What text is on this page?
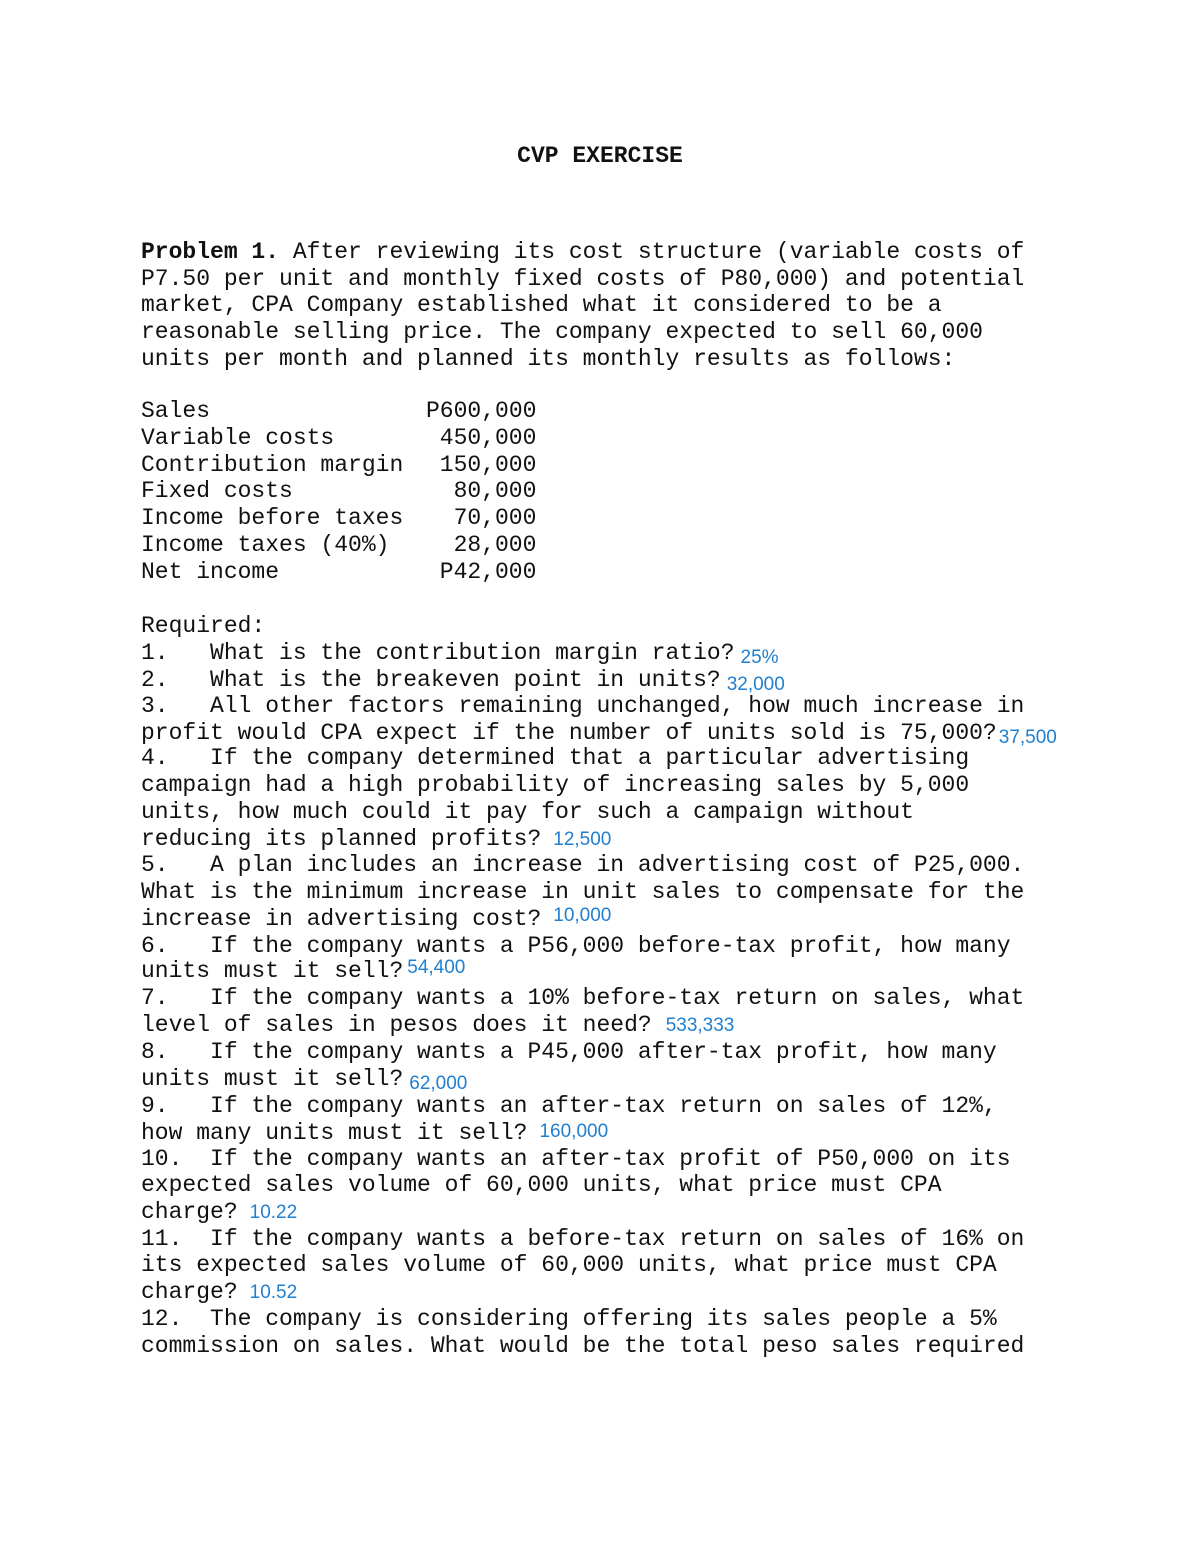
CVP EXERCISE
Problem 1. After reviewing its cost structure (variable costs of
P7.50 per unit and monthly fixed costs of P80,000) and potential
market, CPA Company established what it considered to be a
reasonable selling price. The company expected to sell 60,000
units per month and planned its monthly results as follows:
Sales	P600,000
Variable costs	450,000
Contribution margin	150,000
Fixed costs	80,000
Income before taxes	70,000
Income taxes (40%)	28,000
Net income	P42,000
Required:
1.   What is the contribution margin ratio? 25%
2.   What is the breakeven point in units? 32,000
3.   All other factors remaining unchanged, how much increase in
profit would CPA expect if the number of units sold is 75,000? 37,500
4.   If the company determined that a particular advertising
campaign had a high probability of increasing sales by 5,000
units, how much could it pay for such a campaign without
reducing its planned profits? 12,500
5.   A plan includes an increase in advertising cost of P25,000.
What is the minimum increase in unit sales to compensate for the
increase in advertising cost? 10,000
6.   If the company wants a P56,000 before-tax profit, how many
units must it sell? 54,400
7.   If the company wants a 10% before-tax return on sales, what
level of sales in pesos does it need? 533,333
8.   If the company wants a P45,000 after-tax profit, how many
units must it sell? 62,000
9.   If the company wants an after-tax return on sales of 12%,
how many units must it sell? 160,000
10.  If the company wants an after-tax profit of P50,000 on its
expected sales volume of 60,000 units, what price must CPA
charge? 10.22
11.  If the company wants a before-tax return on sales of 16% on
its expected sales volume of 60,000 units, what price must CPA
charge? 10.52
12.  The company is considering offering its sales people a 5%
commission on sales. What would be the total peso sales required
